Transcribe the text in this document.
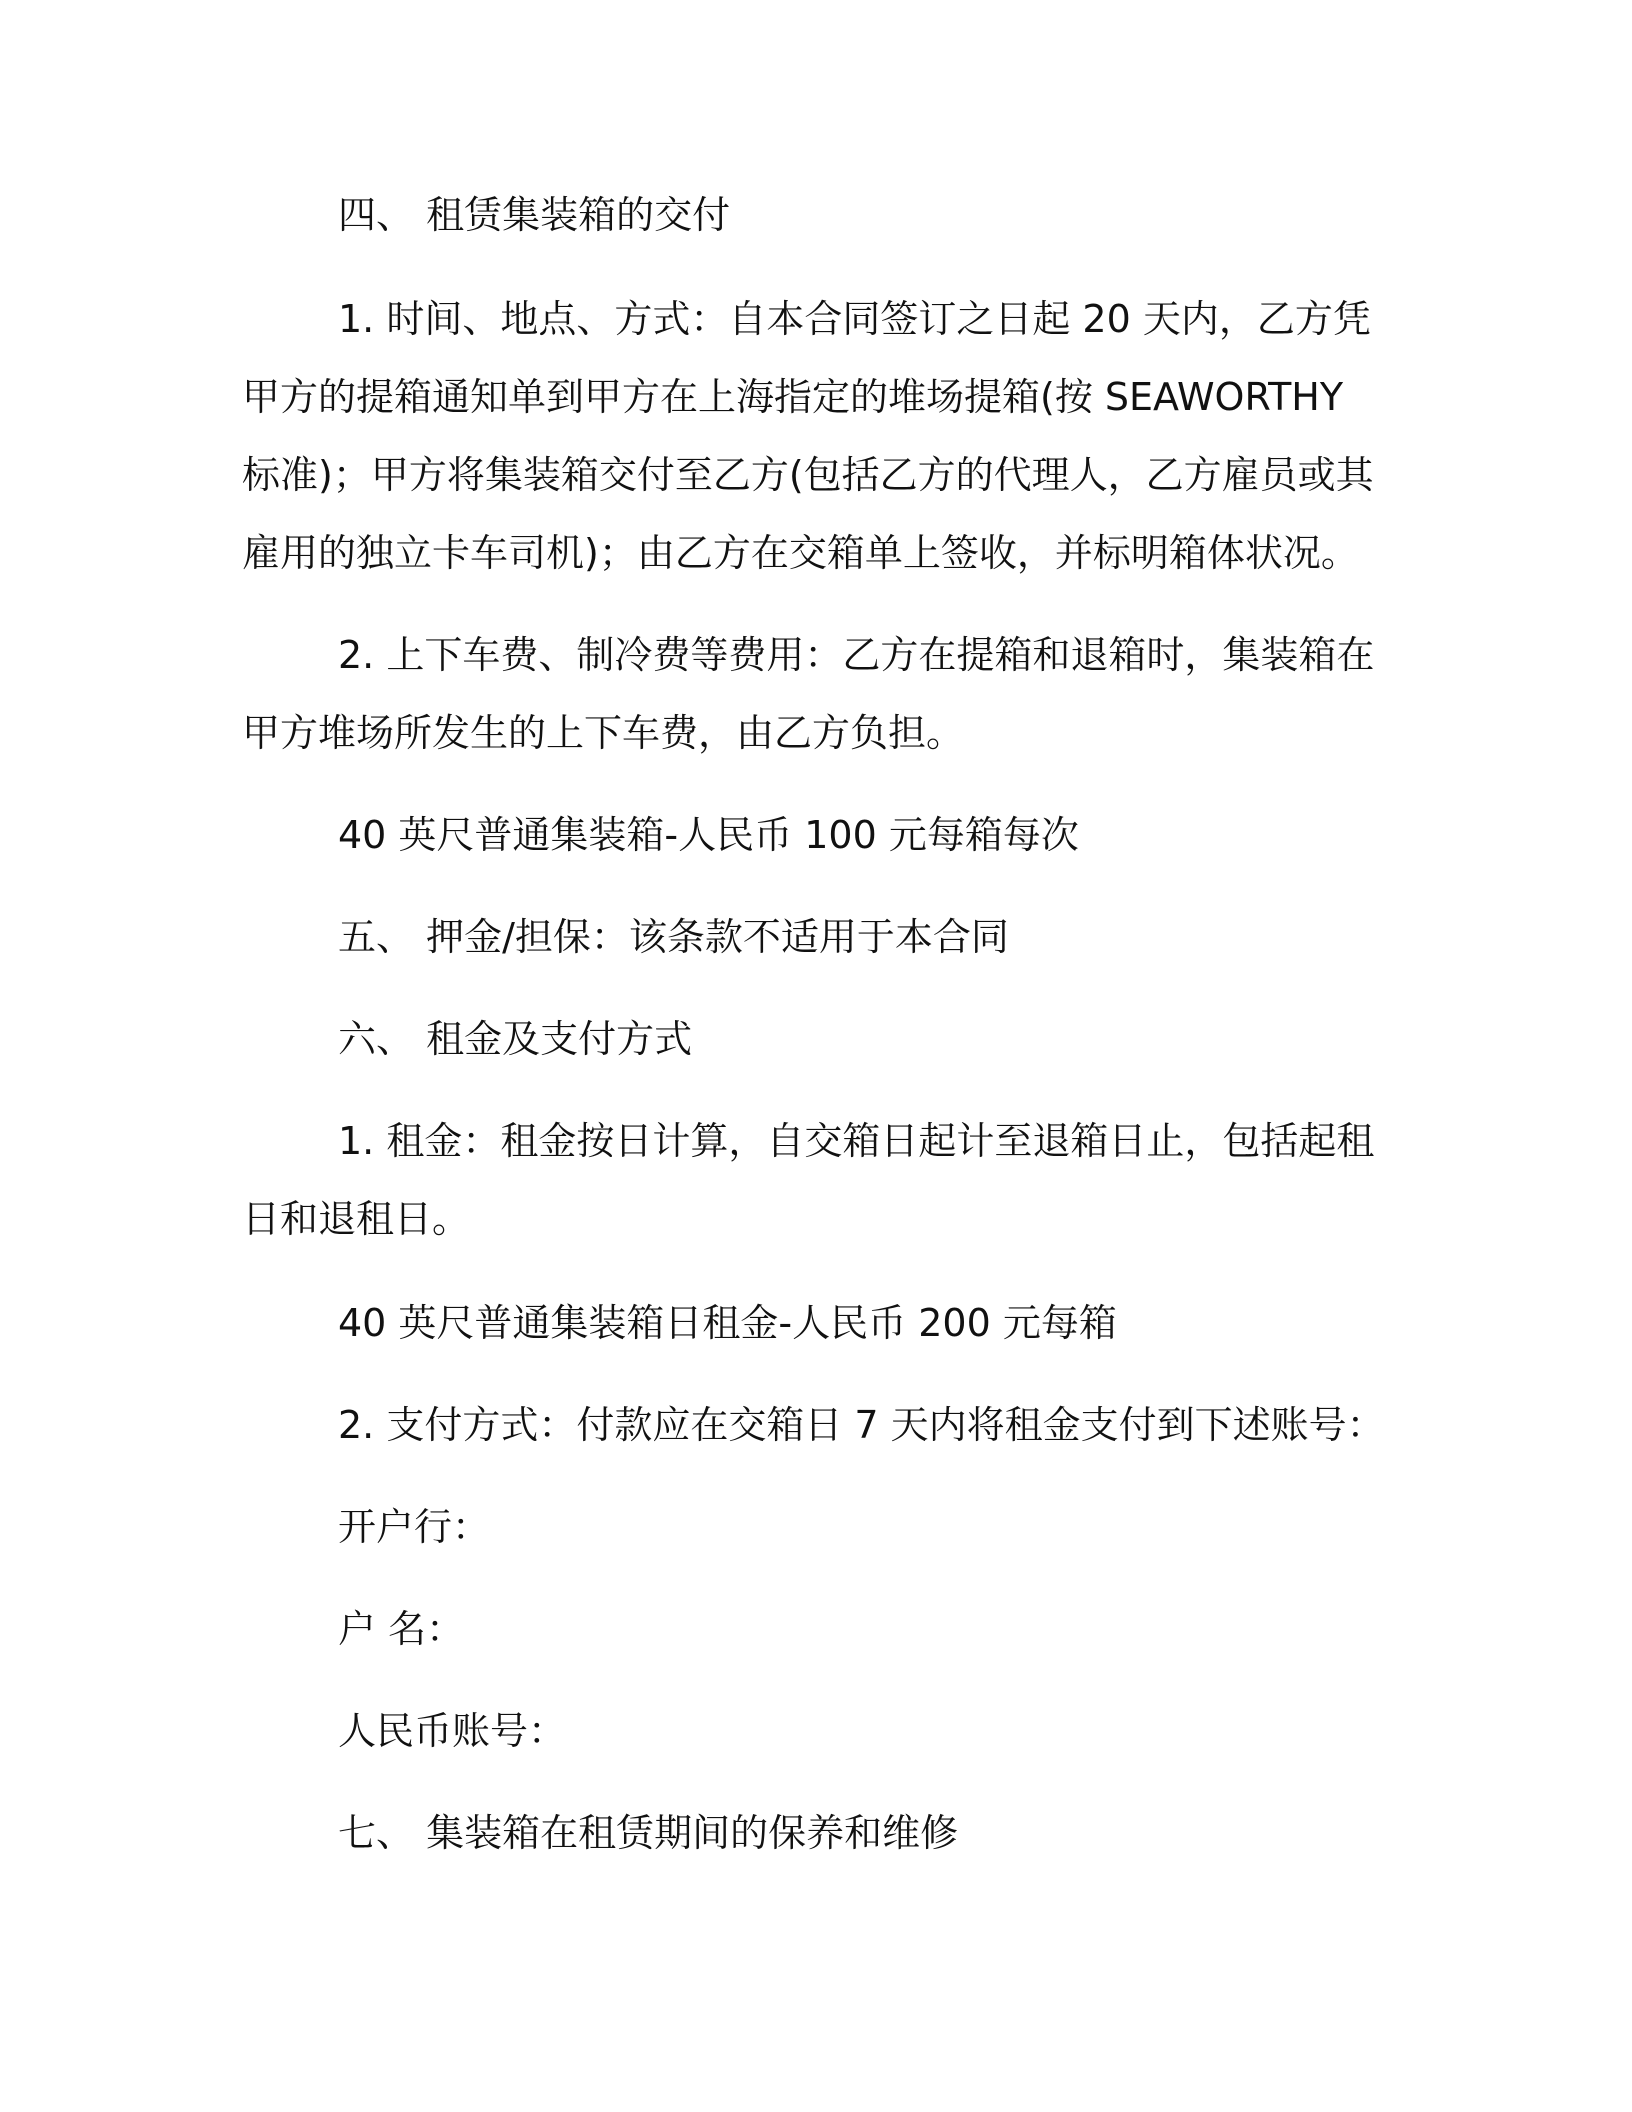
四、 租赁集装箱的交付

1. 时间、地点、方式：自本合同签订之日起 20 天内，乙方凭甲方的提箱通知单到甲方在上海指定的堆场提箱(按 SEAWORTHY 标准)；甲方将集装箱交付至乙方(包括乙方的代理人，乙方雇员或其雇用的独立卡车司机)；由乙方在交箱单上签收，并标明箱体状况。

2. 上下车费、制冷费等费用：乙方在提箱和退箱时，集装箱在甲方堆场所发生的上下车费，由乙方负担。

40 英尺普通集装箱-人民币 100 元每箱每次

五、 押金/担保：该条款不适用于本合同

六、 租金及支付方式

1. 租金：租金按日计算，自交箱日起计至退箱日止，包括起租日和退租日。

40 英尺普通集装箱日租金-人民币 200 元每箱

2. 支付方式：付款应在交箱日 7 天内将租金支付到下述账号：

开户行：

户 名：

人民币账号：

七、 集装箱在租赁期间的保养和维修
